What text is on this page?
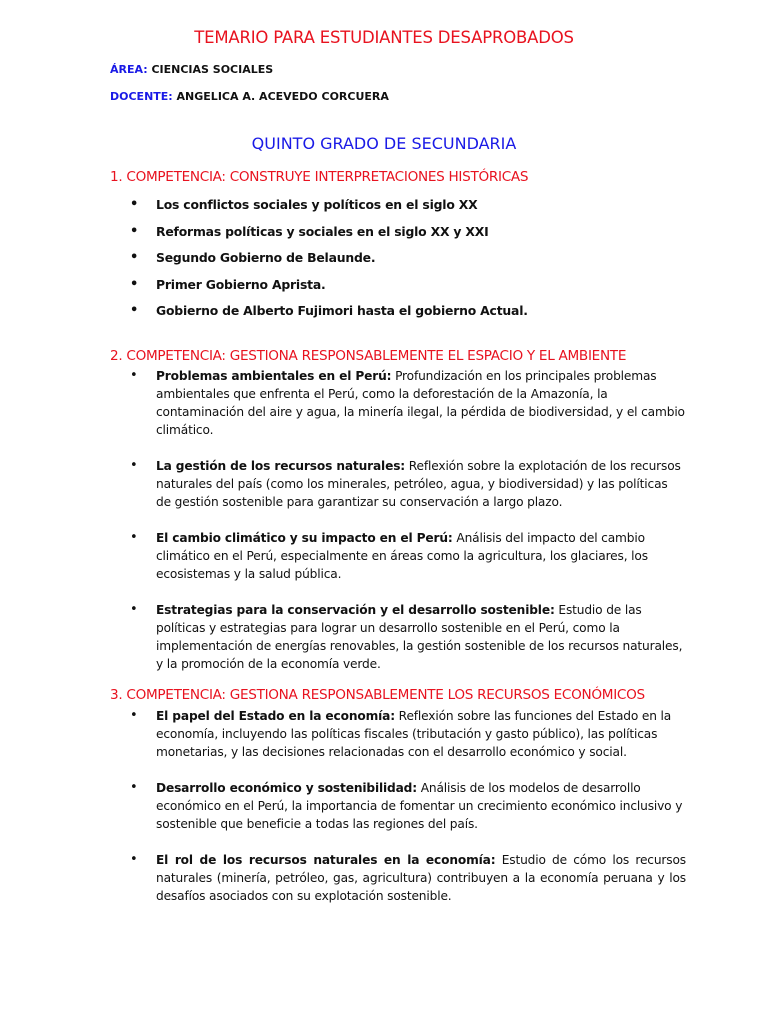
TEMARIO PARA ESTUDIANTES DESAPROBADOS
ÁREA: CIENCIAS SOCIALES
DOCENTE: ANGELICA A. ACEVEDO CORCUERA
QUINTO GRADO DE SECUNDARIA
1. COMPETENCIA: CONSTRUYE INTERPRETACIONES HISTÓRICAS
• Los conflictos sociales y políticos en el siglo XX
• Reformas políticas y sociales en el siglo XX y XXI
• Segundo Gobierno de Belaunde.
• Primer Gobierno Aprista.
• Gobierno de Alberto Fujimori hasta el gobierno Actual.
2. COMPETENCIA: GESTIONA RESPONSABLEMENTE EL ESPACIO Y EL AMBIENTE
• Problemas ambientales en el Perú: Profundización en los principales problemas ambientales que enfrenta el Perú, como la deforestación de la Amazonía, la contaminación del aire y agua, la minería ilegal, la pérdida de biodiversidad, y el cambio climático.
• La gestión de los recursos naturales: Reflexión sobre la explotación de los recursos naturales del país (como los minerales, petróleo, agua, y biodiversidad) y las políticas de gestión sostenible para garantizar su conservación a largo plazo.
• El cambio climático y su impacto en el Perú: Análisis del impacto del cambio climático en el Perú, especialmente en áreas como la agricultura, los glaciares, los ecosistemas y la salud pública.
• Estrategias para la conservación y el desarrollo sostenible: Estudio de las políticas y estrategias para lograr un desarrollo sostenible en el Perú, como la implementación de energías renovables, la gestión sostenible de los recursos naturales, y la promoción de la economía verde.
3. COMPETENCIA: GESTIONA RESPONSABLEMENTE LOS RECURSOS ECONÓMICOS
• El papel del Estado en la economía: Reflexión sobre las funciones del Estado en la economía, incluyendo las políticas fiscales (tributación y gasto público), las políticas monetarias, y las decisiones relacionadas con el desarrollo económico y social.
• Desarrollo económico y sostenibilidad: Análisis de los modelos de desarrollo económico en el Perú, la importancia de fomentar un crecimiento económico inclusivo y sostenible que beneficie a todas las regiones del país.
• El rol de los recursos naturales en la economía: Estudio de cómo los recursos naturales (minería, petróleo, gas, agricultura) contribuyen a la economía peruana y los desafíos asociados con su explotación sostenible.
